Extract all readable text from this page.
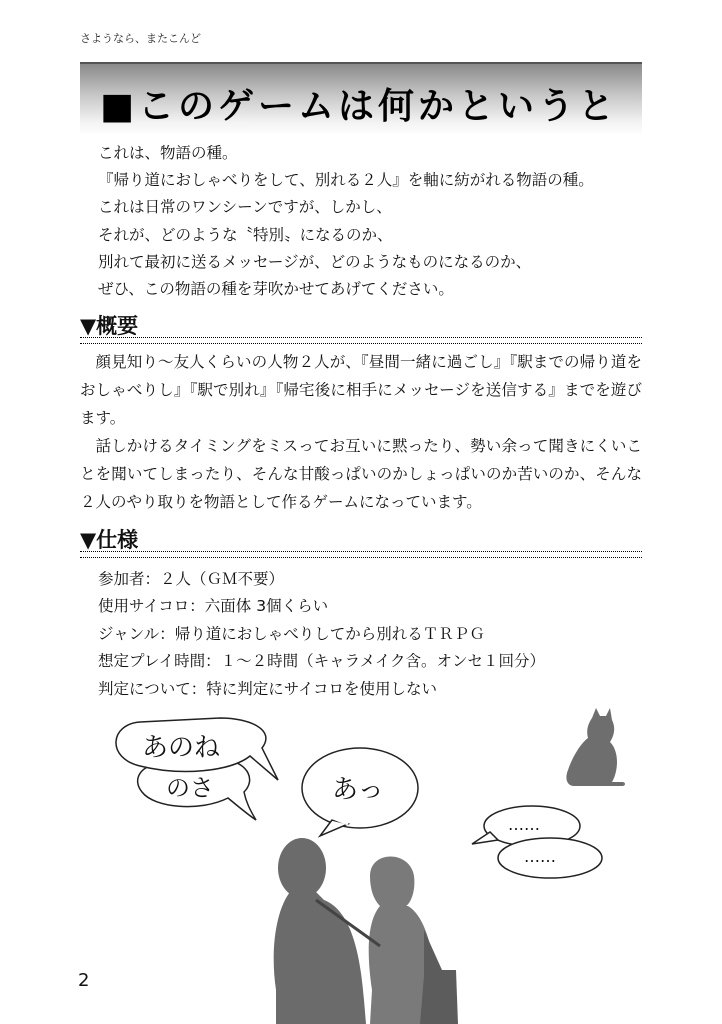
さようなら、またこんど
■このゲームは何かというと
これは、物語の種。
『帰り道におしゃべりをして、別れる２人』を軸に紡がれる物語の種。
これは日常のワンシーンですが、しかし、
それが、どのような〝特別〟になるのか、
別れて最初に送るメッセージが、どのようなものになるのか、
ぜひ、この物語の種を芽吹かせてあげてください。
▼概要

顔見知り〜友人くらいの人物２人が、『昼間一緒に過ごし』『駅までの帰り道をおしゃべりし』『駅で別れ』『帰宅後に相手にメッセージを送信する』までを遊びます。

話しかけるタイミングをミスってお互いに黙ったり、勢い余って聞きにくいことを聞いてしまったり、そんな甘酸っぱいのかしょっぱいのか苦いのか、そんな２人のやり取りを物語として作るゲームになっています。

▼仕様
参加者：２人（ＧＭ不要）
使用サイコロ：六面体 3個くらい
ジャンル：帰り道におしゃべりしてから別れるＴＲＰＧ
想定プレイ時間：１〜２時間（キャラメイク含。オンセ１回分）
判定について：特に判定にサイコロを使用しない
のさ
あのね
あっ
……
……
2
